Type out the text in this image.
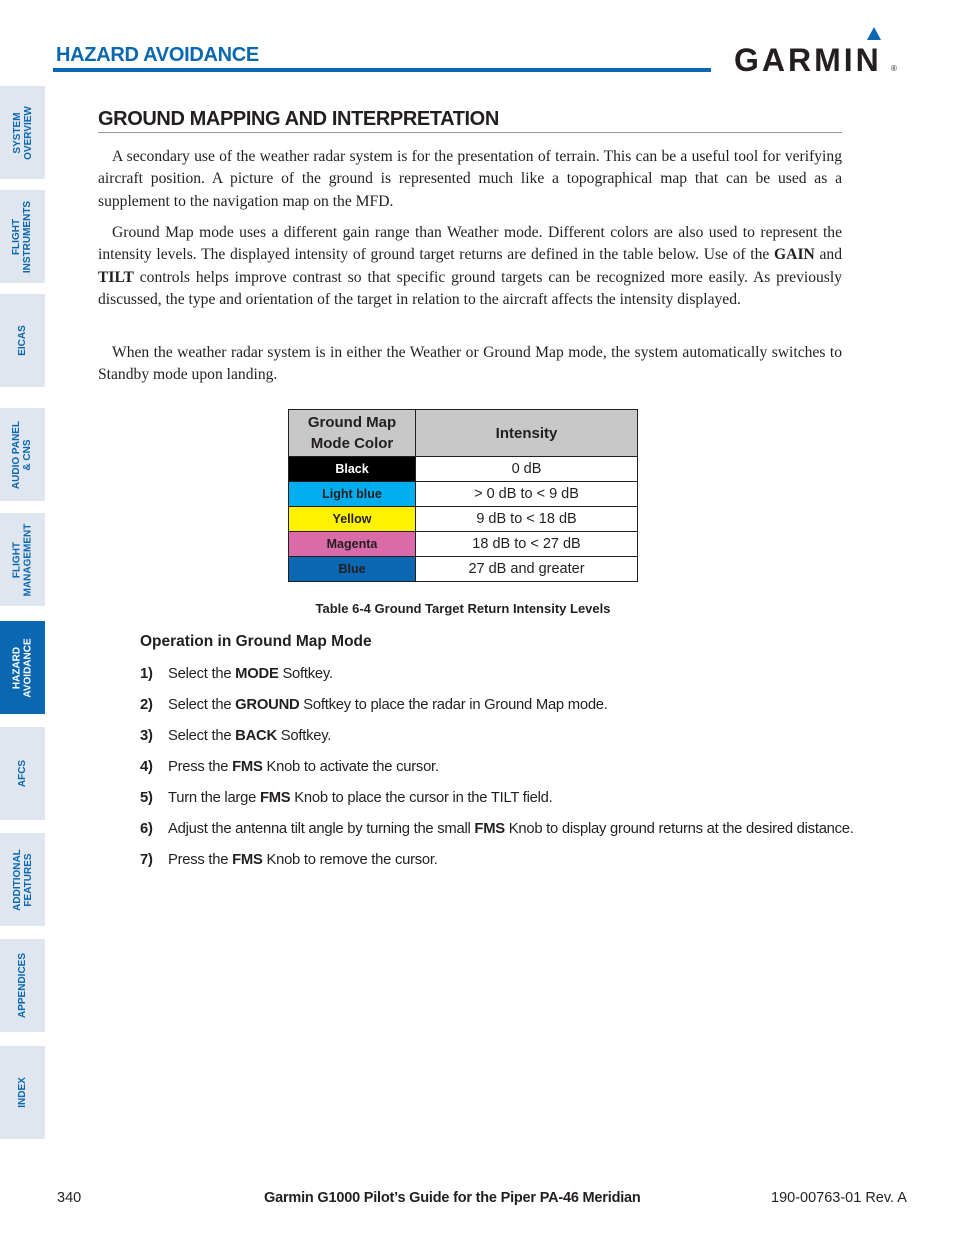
HAZARD AVOIDANCE	GARMIN ®
SYSTEM
OVERVIEW
FLIGHT
INSTRUMENTS
EICAS
AUDIO PANEL
& CNS
FLIGHT
MANAGEMENT
HAZARD
AVOIDANCE
AFCS
ADDITIONAL
FEATURES
APPENDICES
INDEX
GROUND MAPPING AND INTERPRETATION

A secondary use of the weather radar system is for the presentation of terrain. This can be a useful tool for verifying aircraft position. A picture of the ground is represented much like a topographical map that can be used as a supplement to the navigation map on the MFD.

Ground Map mode uses a different gain range than Weather mode. Different colors are also used to represent the intensity levels. The displayed intensity of ground target returns are defined in the table below. Use of the GAIN and TILT controls helps improve contrast so that specific ground targets can be recognized more easily. As previously discussed, the type and orientation of the target in relation to the aircraft affects the intensity displayed.

When the weather radar system is in either the Weather or Ground Map mode, the system automatically switches to Standby mode upon landing.

Ground Map Mode Color	Intensity
Black	0 dB
Light blue	> 0 dB to < 9 dB
Yellow	9 dB to < 18 dB
Magenta	18 dB to < 27 dB
Blue	27 dB and greater
Table 6-4 Ground Target Return Intensity Levels
Operation in Ground Map Mode
1) Select the MODE Softkey.
2) Select the GROUND Softkey to place the radar in Ground Map mode.
3) Select the BACK Softkey.
4) Press the FMS Knob to activate the cursor.
5) Turn the large FMS Knob to place the cursor in the TILT field.
6) Adjust the antenna tilt angle by turning the small FMS Knob to display ground returns at the desired distance.
7) Press the FMS Knob to remove the cursor.
340	Garmin G1000 Pilot’s Guide for the Piper PA-46 Meridian	190-00763-01 Rev. A
